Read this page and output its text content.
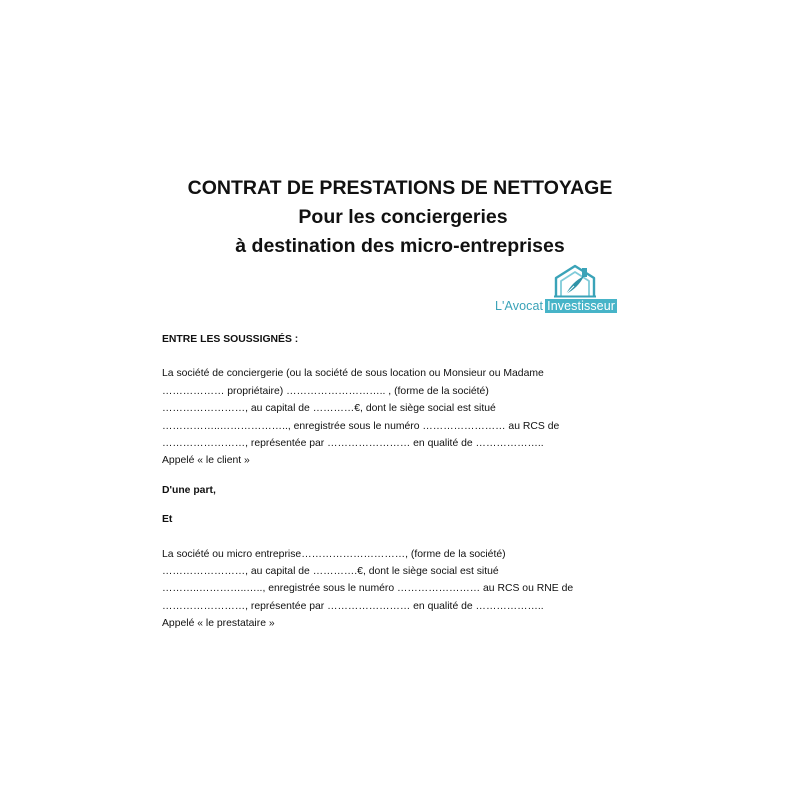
CONTRAT DE PRESTATIONS DE NETTOYAGE
Pour les conciergeries
à destination des micro-entreprises
L'Avocat Investisseur
ENTRE LES SOUSSIGNÉS :
La société de conciergerie (ou la société de sous location ou Monsieur ou Madame
……………… propriétaire) ……………………….. , (forme de la société)
……………………, au capital de …………€, dont le siège social est situé
……………..……………….., enregistrée sous le numéro …………………… au RCS de
……………………, représentée par …………………… en qualité de ………………..
Appelé « le client »
D'une part,
Et
La société ou micro entreprise…………………………, (forme de la société)
……………………, au capital de ………….€, dont le siège social est situé
………..…………..….., enregistrée sous le numéro …………………… au RCS ou RNE de
……………………, représentée par …………………… en qualité de ………………..
Appelé « le prestataire »
